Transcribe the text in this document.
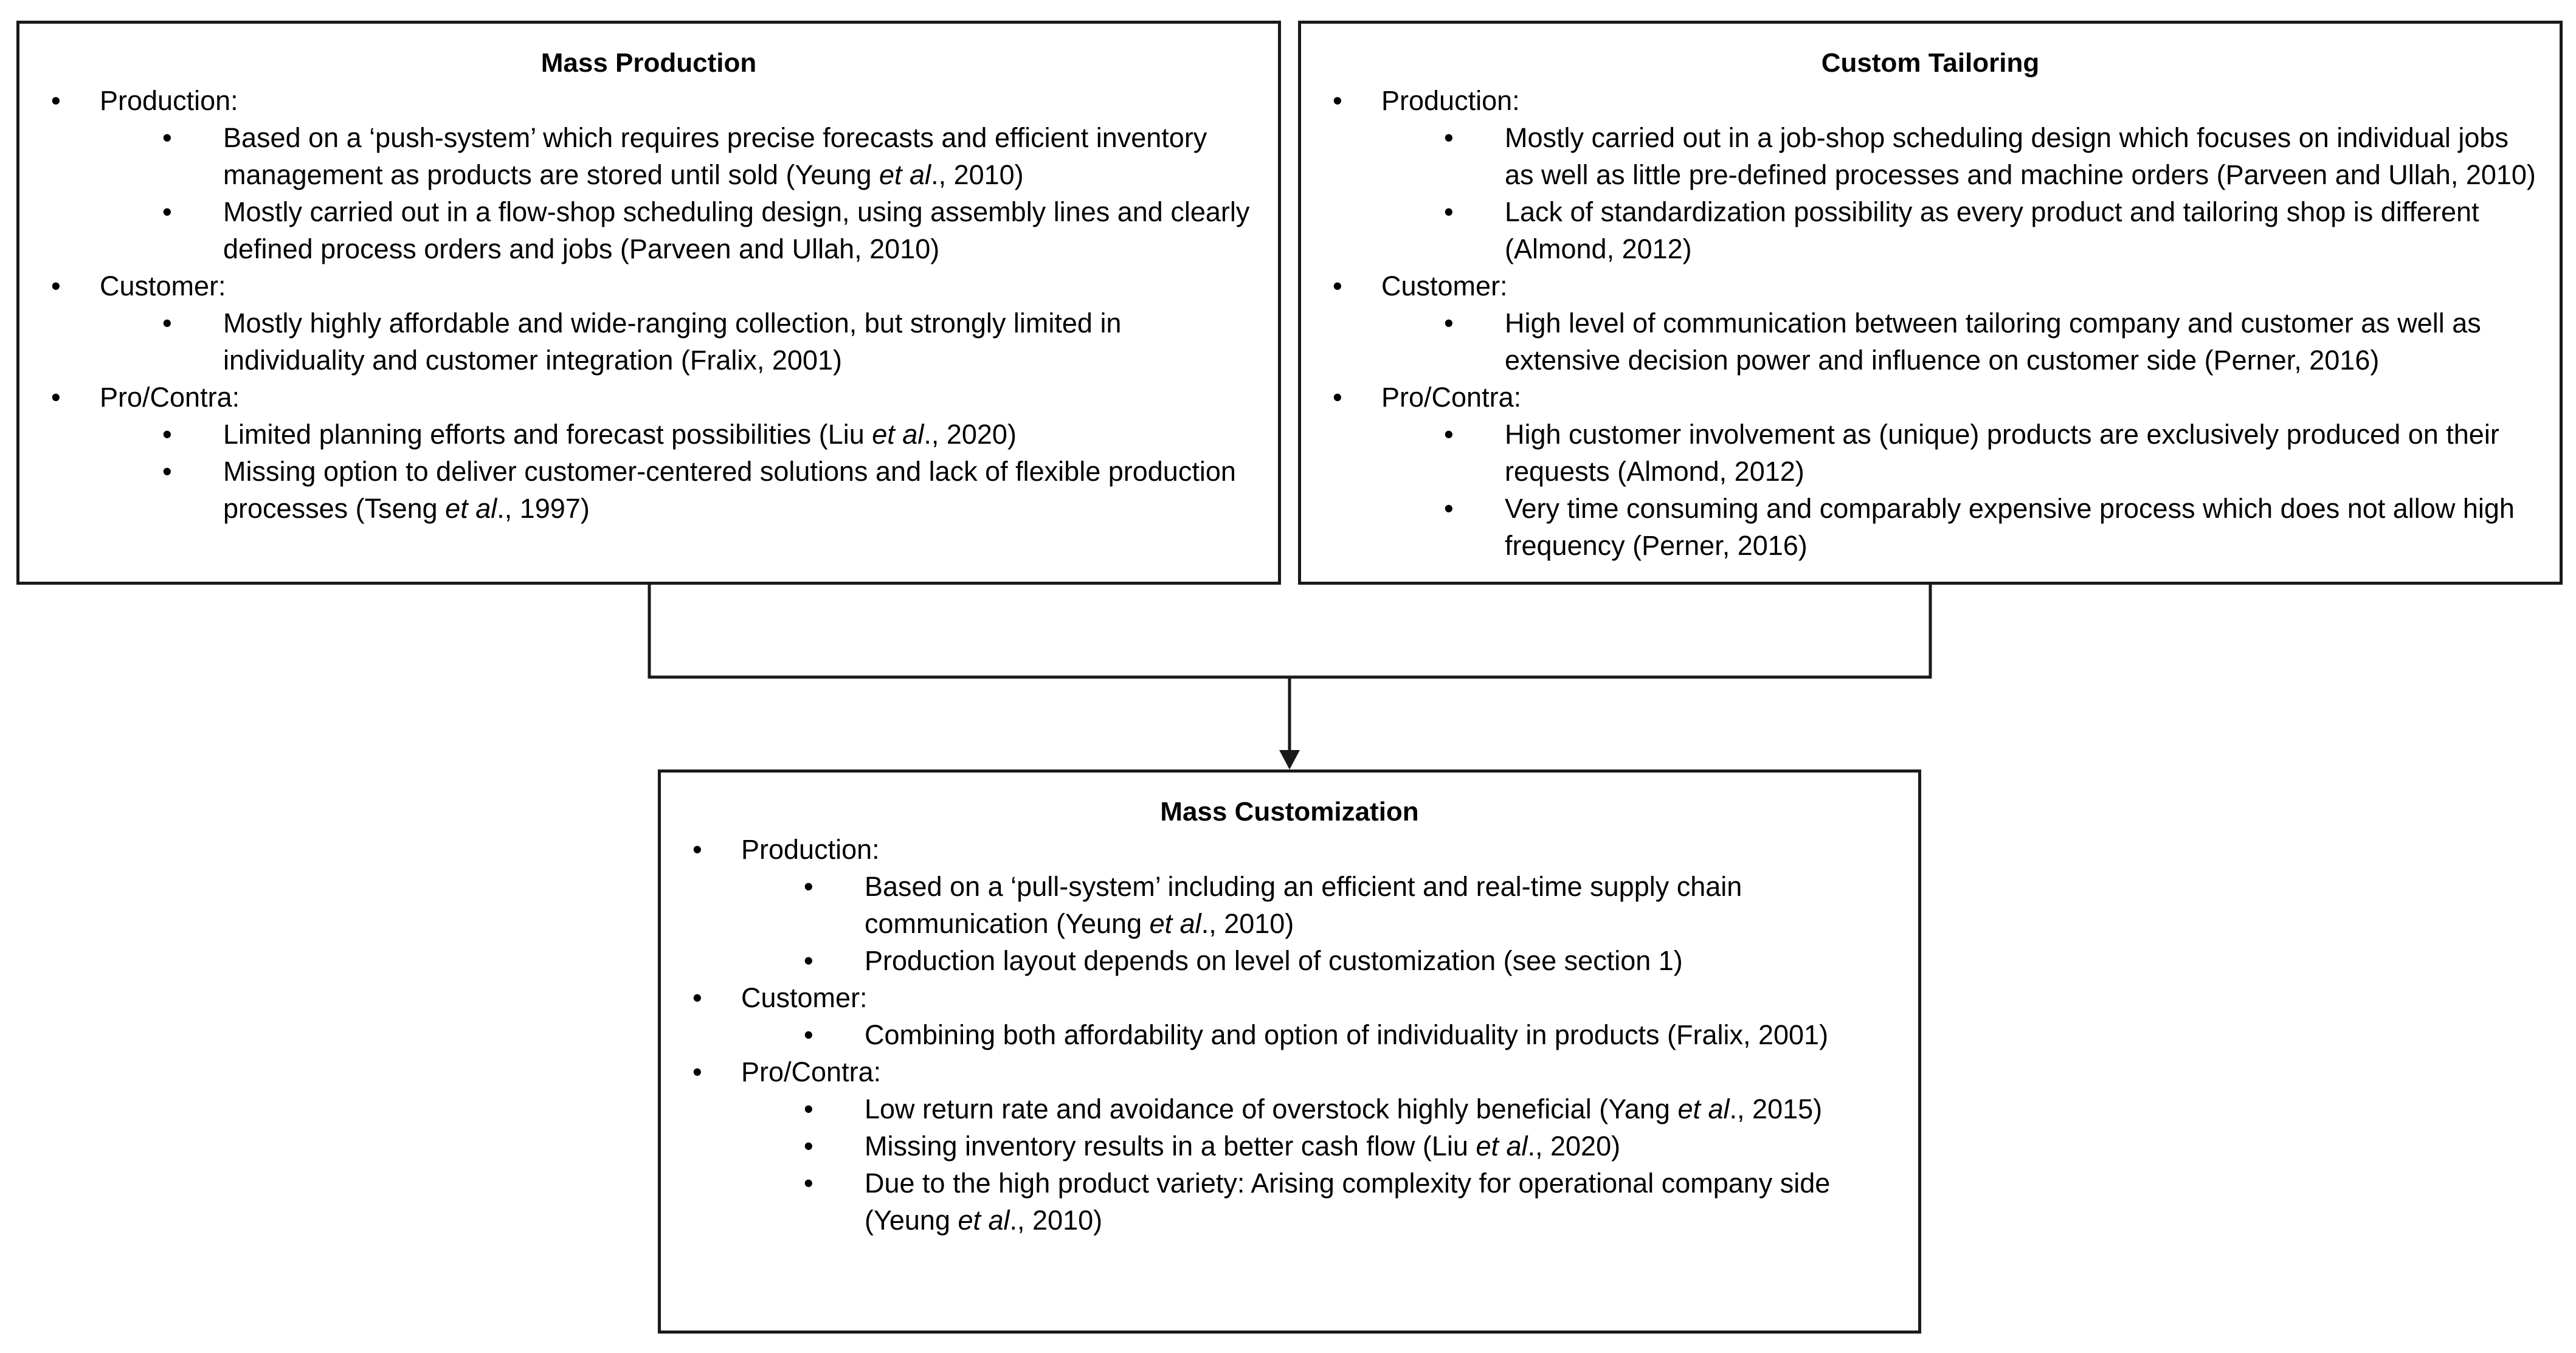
Mass Production
• Production:
• Based on a ‘push-system’ which requires precise forecasts and efficient inventory management as products are stored until sold (Yeung et al., 2010)
• Mostly carried out in a flow-shop scheduling design, using assembly lines and clearly defined process orders and jobs (Parveen and Ullah, 2010)
• Customer:
• Mostly highly affordable and wide-ranging collection, but strongly limited in individuality and customer integration (Fralix, 2001)
• Pro/Contra:
• Limited planning efforts and forecast possibilities (Liu et al., 2020)
• Missing option to deliver customer-centered solutions and lack of flexible production processes (Tseng et al., 1997)
Custom Tailoring
• Production:
• Mostly carried out in a job-shop scheduling design which focuses on individual jobs as well as little pre-defined processes and machine orders (Parveen and Ullah, 2010)
• Lack of standardization possibility as every product and tailoring shop is different (Almond, 2012)
• Customer:
• High level of communication between tailoring company and customer as well as extensive decision power and influence on customer side (Perner, 2016)
• Pro/Contra:
• High customer involvement as (unique) products are exclusively produced on their requests (Almond, 2012)
• Very time consuming and comparably expensive process which does not allow high frequency (Perner, 2016)
Mass Customization
• Production:
• Based on a ‘pull-system’ including an efficient and real-time supply chain communication (Yeung et al., 2010)
• Production layout depends on level of customization (see section 1)
• Customer:
• Combining both affordability and option of individuality in products (Fralix, 2001)
• Pro/Contra:
• Low return rate and avoidance of overstock highly beneficial (Yang et al., 2015)
• Missing inventory results in a better cash flow (Liu et al., 2020)
• Due to the high product variety: Arising complexity for operational company side (Yeung et al., 2010)
